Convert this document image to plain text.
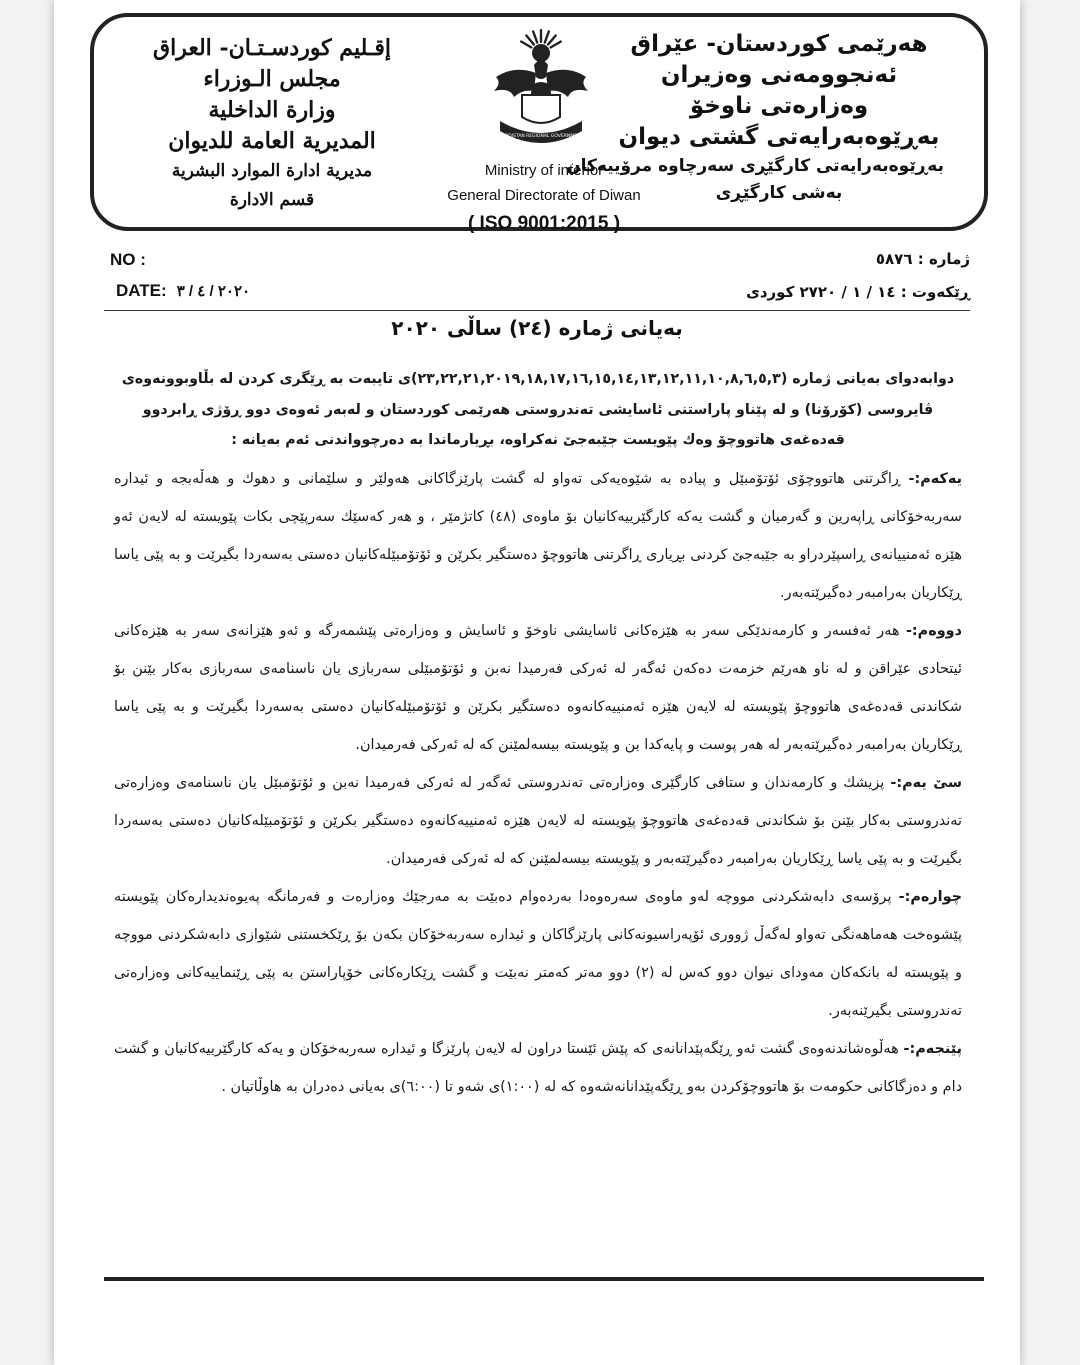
هەرێمی کوردستان- عێراق
ئەنجوومەنی وەزیران
وەزارەتی ناوخۆ
بەڕێوەبەرایەتی گشتی دیوان
بەڕێوەبەرایەتی کارگێڕی سەرچاوە مرۆییەکان
بەشی کارگێڕی
إقـليم كوردسـتـان- العراق
مجلس الـوزراء
وزارة الداخلية
المديرية العامة للديوان
مديرية ادارة الموارد البشرية
قسم الادارة
KURDISTAN REGIONAL GOVERNMENT
Ministry of interior
General Directorate of Diwan
( ISO 9001:2015 )
NO :
DATE: ٢٠٢٠ / ٤ / ٣
ژمارە : ٥٨٧٦
ڕێکەوت : ١٤ / ١ / ٢٧٢٠ کوردی
بەیانی ژمارە (٢٤) ساڵی ٢٠٢٠
دوابەدوای بەیانی ژمارە (٢٣,٢٢,٢١,٢٠١٩,١٨,١٧,١٦,١٥,١٤,١٣,١٢,١١,١٠,٨,٦,٥,٣)ی تایبەت بە ڕێگری کردن لە بڵاوبوونەوەی ڤایروسی (کۆرۆنا) و لە پێناو پاراستنی ئاسایشی تەندروستی هەرێمی کوردستان و لەبەر ئەوەی دوو ڕۆژی ڕابردوو قەدەغەی هاتووچۆ وەك پێویست جێبەجێ نەکراوە، بڕیارماندا بە دەرچوواندنی ئەم بەیانە :

یەکەم:- ڕاگرتنی هاتووچۆی ئۆتۆمبێل و پیادە بە شێوەیەکی تەواو لە گشت پارێزگاکانی هەولێر و سلێمانی و دهوك و هەڵەبجە و ئیدارە سەربەخۆکانی ڕاپەرین و گەرمیان و گشت یەکە کارگێرییەکانیان بۆ ماوەی (٤٨) کاتژمێر ، و هەر کەسێك سەرپێچی بکات پێویستە لە لایەن ئەو هێزە ئەمنییانەی ڕاسپێردراو بە جێبەجێ کردنی بڕیاری ڕاگرتنی هاتووچۆ دەستگیر بکرێن و ئۆتۆمبێلەکانیان دەستی بەسەردا بگیرێت و بە پێی یاسا ڕێکاریان بەرامبەر دەگیرێتەبەر.

دووەم:- هەر ئەفسەر و کارمەندێکی سەر بە هێزەکانی ئاسایشی ناوخۆ و ئاسایش و وەزارەتی پێشمەرگە و ئەو هێزانەی سەر بە هێزەکانی ئیتحادی عێراقن و لە ناو هەرێم خزمەت دەکەن ئەگەر لە ئەرکی فەرمیدا نەبن و ئۆتۆمبێلی سەربازی یان ناسنامەی سەربازی بەکار بێنن بۆ شکاندنی قەدەغەی هاتووچۆ پێویستە لە لایەن هێزە ئەمنییەکانەوە دەستگیر بکرێن و ئۆتۆمبێلەکانیان دەستی بەسەردا بگیرێت و بە پێی یاسا ڕێکاریان بەرامبەر دەگیرێتەبەر لە هەر پوست و پایەکدا بن و پێویستە بیسەلمێنن کە لە ئەرکی فەرمیدان.

سێ یەم:- پزیشك و کارمەندان و ستافی کارگێری وەزارەتی تەندروستی ئەگەر لە ئەرکی فەرمیدا نەبن و ئۆتۆمبێل یان ناسنامەی وەزارەتی تەندروستی بەکار بێنن بۆ شکاندنی قەدەغەی هاتووچۆ پێویستە لە لایەن هێزە ئەمنییەکانەوە دەستگیر بکرێن و ئۆتۆمبێلەکانیان دەستی بەسەردا بگیرێت و بە پێی یاسا ڕێکاریان بەرامبەر دەگیرێتەبەر و پێویستە بیسەلمێنن کە لە ئەرکی فەرمیدان.

چوارەم:- پرۆسەی دابەشکردنی مووچە لەو ماوەی سەرەوەدا بەردەوام دەبێت بە مەرجێك وەزارەت و فەرمانگە پەیوەندیدارەکان پێویستە پێشوەخت هەماهەنگی تەواو لەگەڵ ژووری ئۆپەراسیونەکانی پارێزگاکان و ئیدارە سەربەخۆکان بکەن بۆ ڕێکخستنی شێوازی دابەشکردنی مووچە و پێویستە لە بانکەکان مەودای نیوان دوو کەس لە (٢) دوو مەتر کەمتر نەبێت و گشت ڕێکارەکانی خۆپاراستن بە پێی ڕێنماییەکانی وەزارەتی تەندروستی بگیرێنەبەر.

پێنجەم:- هەڵوەشاندنەوەی گشت ئەو ڕێگەپێدانانەی کە پێش ئێستا دراون لە لایەن پارێزگا و ئیدارە سەربەخۆکان و یەکە کارگێرییەکانیان و گشت دام و دەزگاکانی حکومەت بۆ هاتووچۆکردن بەو ڕێگەپێدانانەشەوە کە لە (١:٠٠)ی شەو تا (٦:٠٠)ی بەیانی دەدران بە هاوڵاتیان .
